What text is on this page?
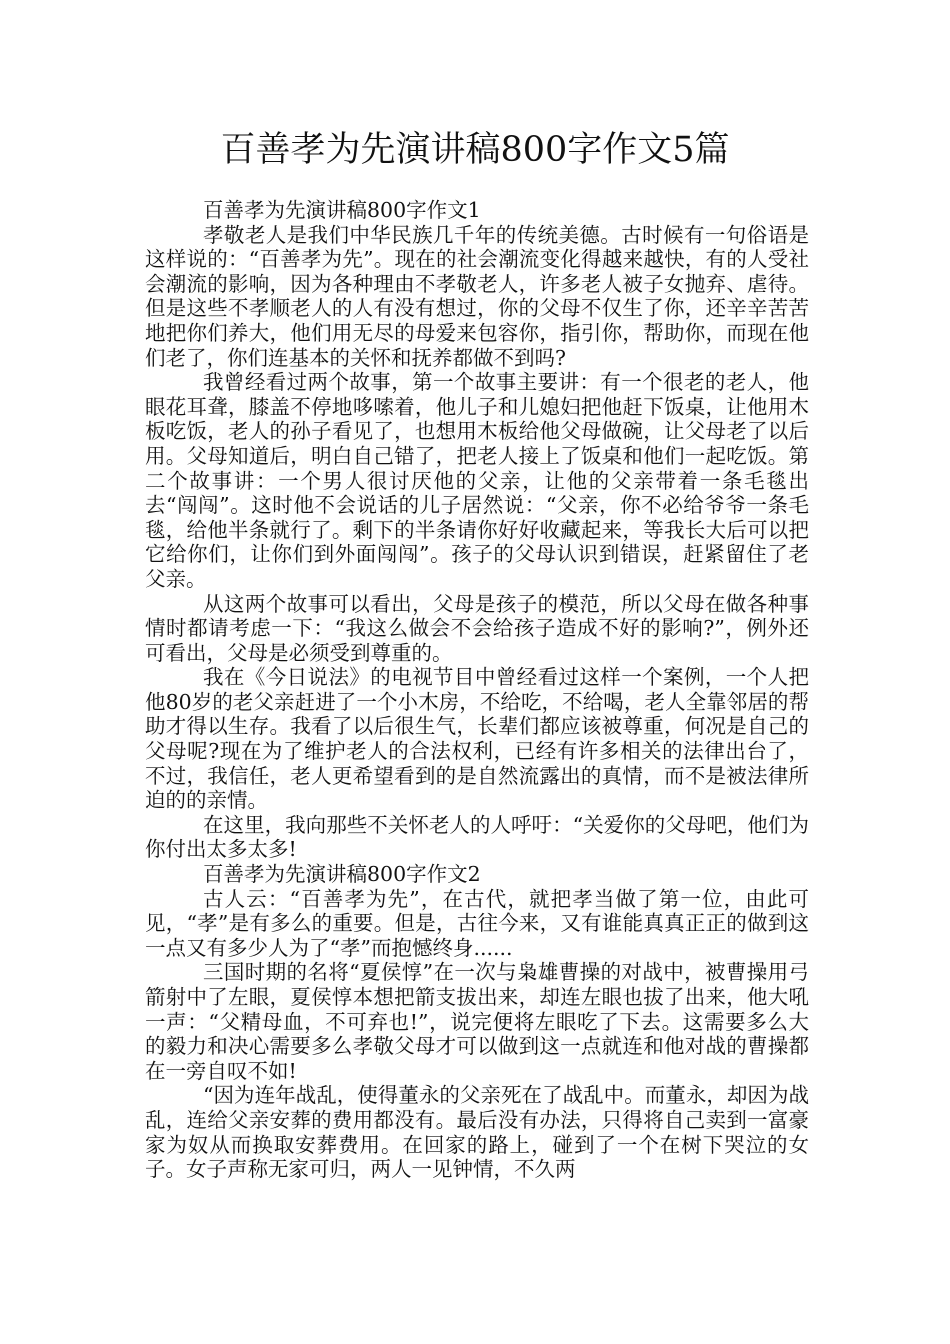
百善孝为先演讲稿800字作文5篇

百善孝为先演讲稿800字作文1

孝敬老人是我们中华民族几千年的传统美德。古时候有一句俗语是这样说的：“百善孝为先”。现在的社会潮流变化得越来越快，有的人受社会潮流的影响，因为各种理由不孝敬老人，许多老人被子女抛弃、虐待。但是这些不孝顺老人的人有没有想过，你的父母不仅生了你，还辛辛苦苦地把你们养大，他们用无尽的母爱来包容你，指引你，帮助你，而现在他们老了，你们连基本的关怀和抚养都做不到吗?

我曾经看过两个故事，第一个故事主要讲：有一个很老的老人，他眼花耳聋，膝盖不停地哆嗦着，他儿子和儿媳妇把他赶下饭桌，让他用木板吃饭，老人的孙子看见了，也想用木板给他父母做碗，让父母老了以后用。父母知道后，明白自己错了，把老人接上了饭桌和他们一起吃饭。第二个故事讲：一个男人很讨厌他的父亲，让他的父亲带着一条毛毯出去“闯闯”。这时他不会说话的儿子居然说：“父亲，你不必给爷爷一条毛毯，给他半条就行了。剩下的半条请你好好收藏起来，等我长大后可以把它给你们，让你们到外面闯闯”。孩子的父母认识到错误，赶紧留住了老父亲。

从这两个故事可以看出，父母是孩子的模范，所以父母在做各种事情时都请考虑一下：“我这么做会不会给孩子造成不好的影响?”，例外还可看出，父母是必须受到尊重的。

我在《今日说法》的电视节目中曾经看过这样一个案例，一个人把他80岁的老父亲赶进了一个小木房，不给吃，不给喝，老人全靠邻居的帮助才得以生存。我看了以后很生气，长辈们都应该被尊重，何况是自己的父母呢?现在为了维护老人的合法权利，已经有许多相关的法律出台了，不过，我信任，老人更希望看到的是自然流露出的真情，而不是被法律所迫的的亲情。

在这里，我向那些不关怀老人的人呼吁：“关爱你的父母吧，他们为你付出太多太多!

百善孝为先演讲稿800字作文2

古人云：“百善孝为先”，在古代，就把孝当做了第一位，由此可见，“孝”是有多么的重要。但是，古往今来，又有谁能真真正正的做到这一点又有多少人为了“孝”而抱憾终身......

三国时期的名将“夏侯惇”在一次与枭雄曹操的对战中，被曹操用弓箭射中了左眼，夏侯惇本想把箭支拔出来，却连左眼也拔了出来，他大吼一声：“父精母血，不可弃也!”，说完便将左眼吃了下去。这需要多么大的毅力和决心需要多么孝敬父母才可以做到这一点就连和他对战的曹操都在一旁自叹不如!

“因为连年战乱，使得董永的父亲死在了战乱中。而董永，却因为战乱，连给父亲安葬的费用都没有。最后没有办法，只得将自己卖到一富豪家为奴从而换取安葬费用。在回家的路上，碰到了一个在树下哭泣的女子。女子声称无家可归，两人一见钟情，不久两
